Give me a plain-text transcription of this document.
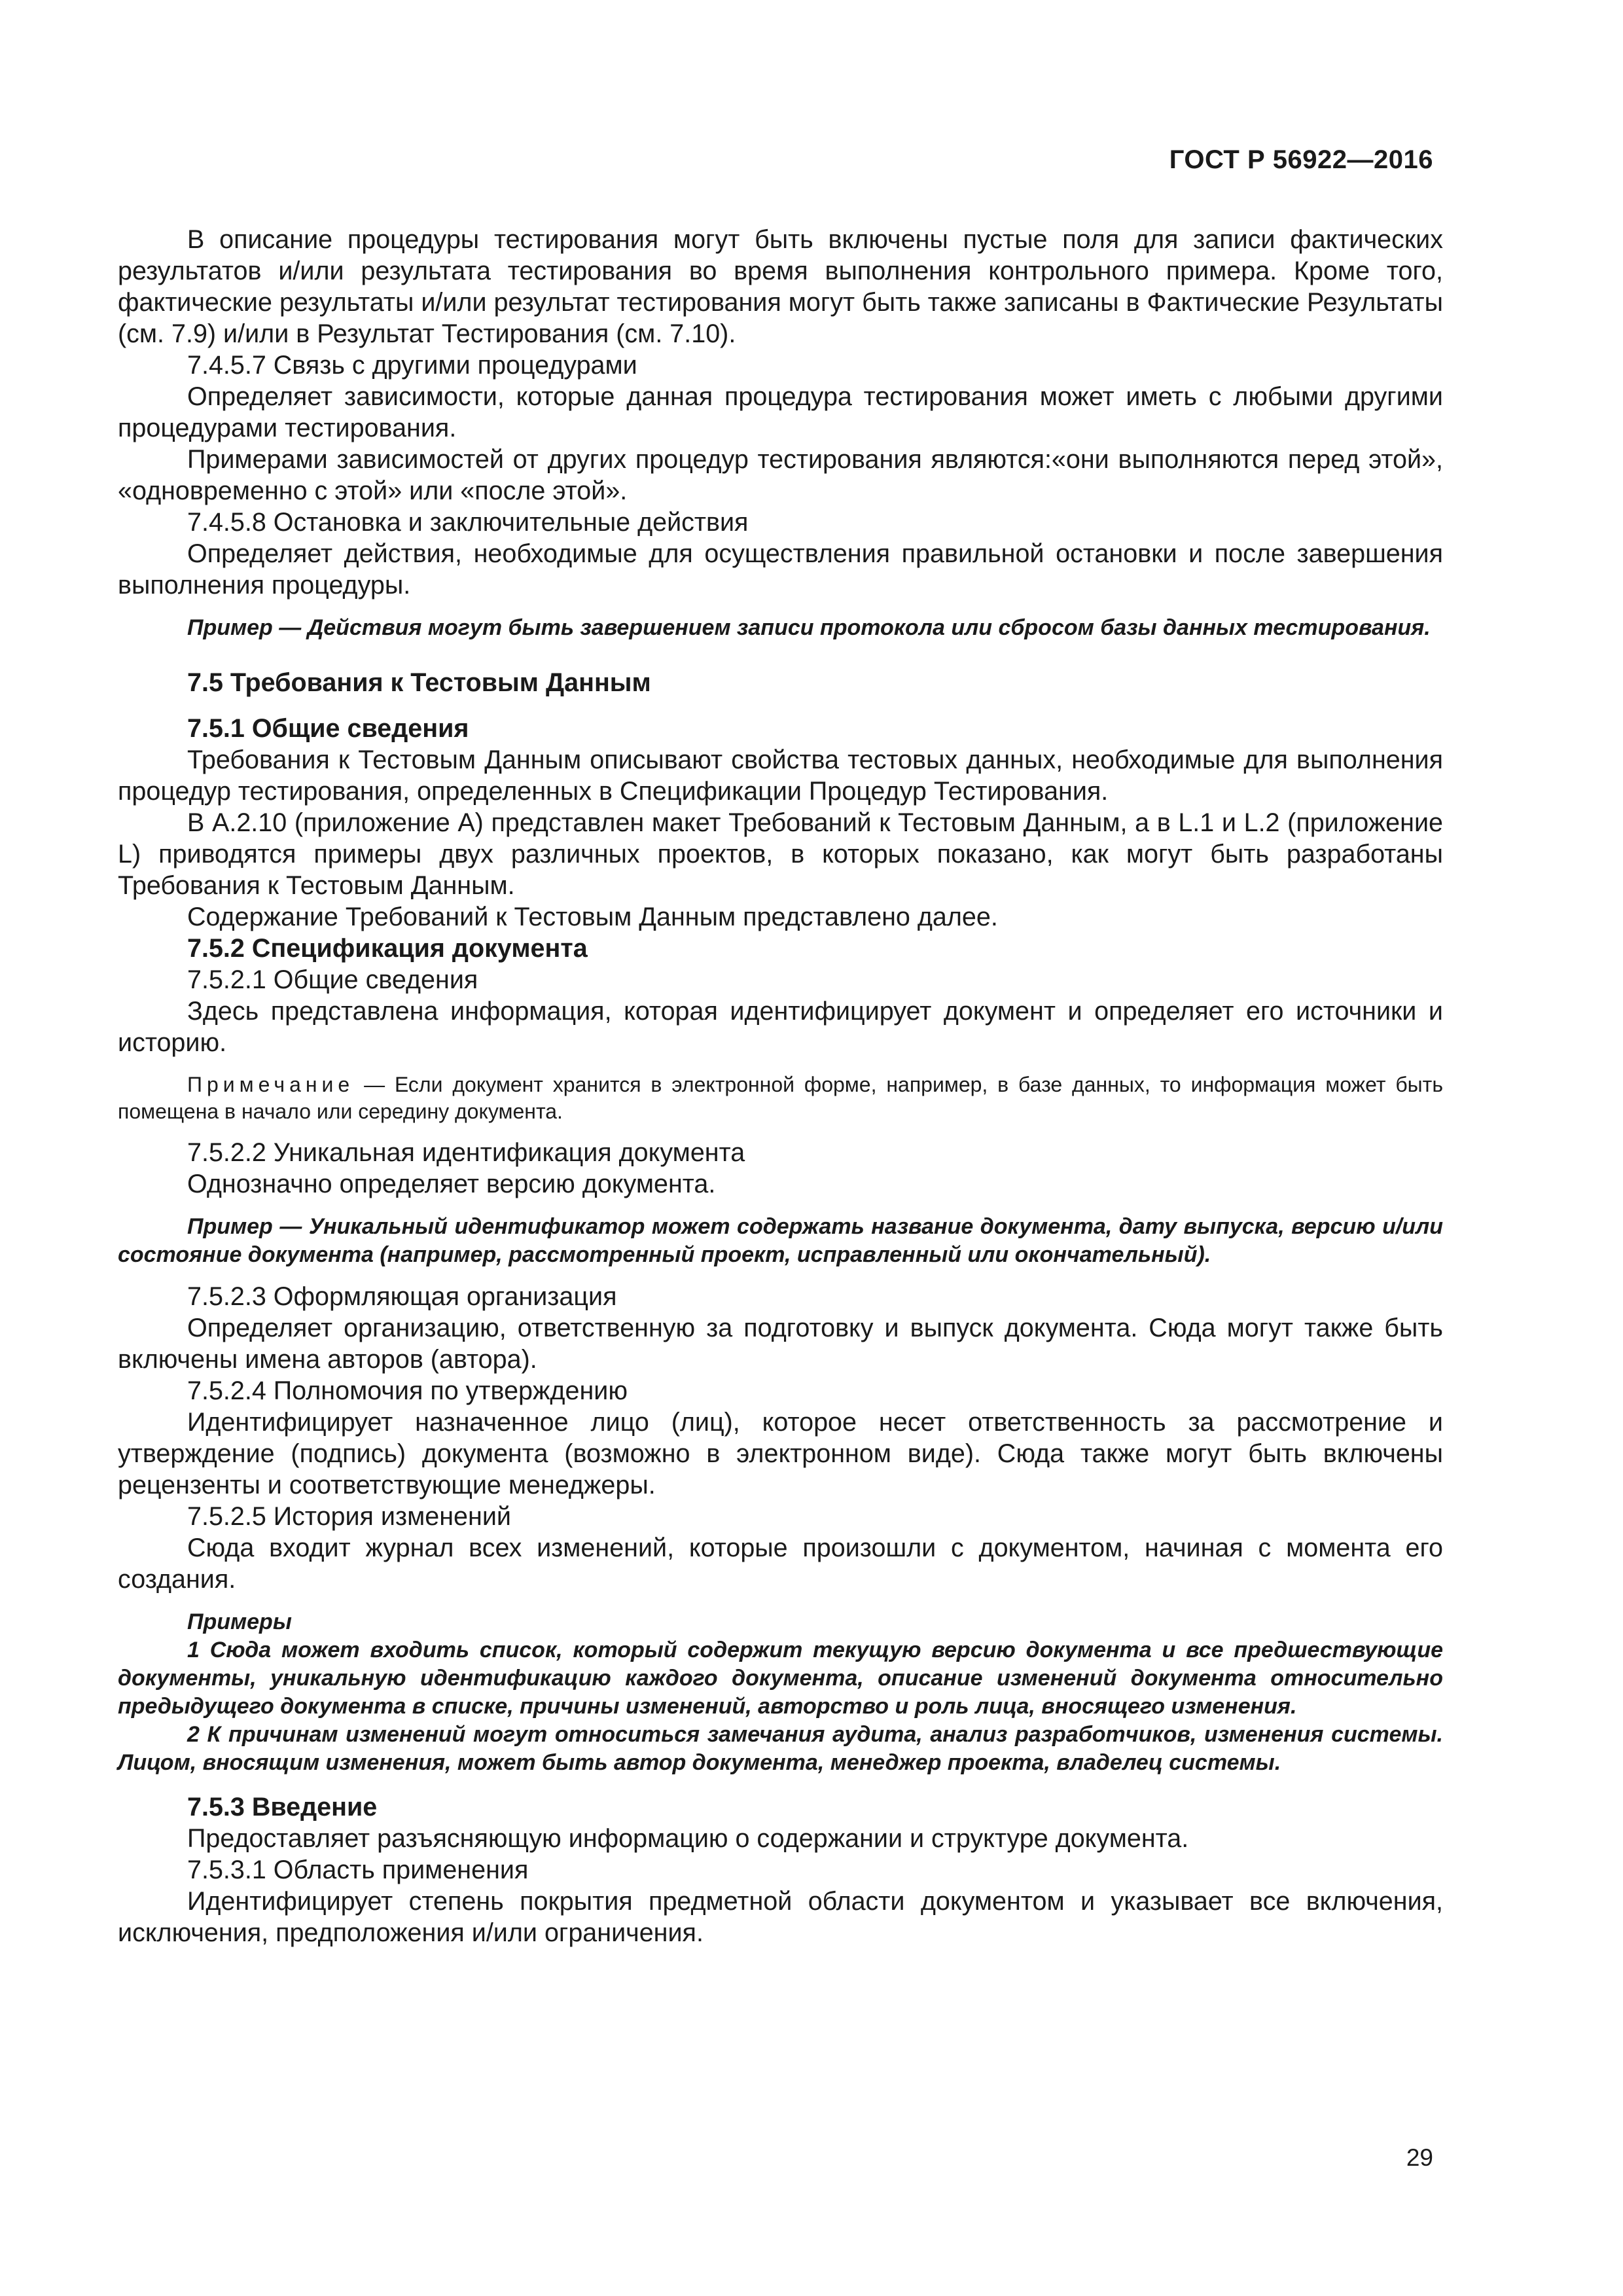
ГОСТ Р 56922—2016

В описание процедуры тестирования могут быть включены пустые поля для записи фактических результатов и/или результата тестирования во время выполнения контрольного примера. Кроме того, фактические результаты и/или результат тестирования могут быть также записаны в Фактические Результаты (см. 7.9) и/или в Результат Тестирования (см. 7.10).

7.4.5.7 Связь с другими процедурами

Определяет зависимости, которые данная процедура тестирования может иметь с любыми другими процедурами тестирования.

Примерами зависимостей от других процедур тестирования являются:«они выполняются перед этой», «одновременно с этой» или «после этой».

7.4.5.8 Остановка и заключительные действия

Определяет действия, необходимые для осуществления правильной остановки и после завершения выполнения процедуры.

Пример — Действия могут быть завершением записи протокола или сбросом базы данных тестирования.

7.5 Требования к Тестовым Данным

7.5.1 Общие сведения

Требования к Тестовым Данным описывают свойства тестовых данных, необходимые для выполнения процедур тестирования, определенных в Спецификации Процедур Тестирования.

В А.2.10 (приложение А) представлен макет Требований к Тестовым Данным, а в L.1 и L.2 (приложение L) приводятся примеры двух различных проектов, в которых показано, как могут быть разработаны Требования к Тестовым Данным.

Содержание Требований к Тестовым Данным представлено далее.

7.5.2 Спецификация документа

7.5.2.1 Общие сведения

Здесь представлена информация, которая идентифицирует документ и определяет его источники и историю.

Примечание — Если документ хранится в электронной форме, например, в базе данных, то информация может быть помещена в начало или середину документа.

7.5.2.2 Уникальная идентификация документа

Однозначно определяет версию документа.

Пример — Уникальный идентификатор может содержать название документа, дату выпуска, версию и/или состояние документа (например, рассмотренный проект, исправленный или окончательный).

7.5.2.3 Оформляющая организация

Определяет организацию, ответственную за подготовку и выпуск документа. Сюда могут также быть включены имена авторов (автора).

7.5.2.4 Полномочия по утверждению

Идентифицирует назначенное лицо (лиц), которое несет ответственность за рассмотрение и утверждение (подпись) документа (возможно в электронном виде). Сюда также могут быть включены рецензенты и соответствующие менеджеры.

7.5.2.5 История изменений

Сюда входит журнал всех изменений, которые произошли с документом, начиная с момента его создания.

Примеры

1 Сюда может входить список, который содержит текущую версию документа и все предшествующие документы, уникальную идентификацию каждого документа, описание изменений документа относительно предыдущего документа в списке, причины изменений, авторство и роль лица, вносящего изменения.

2 К причинам изменений могут относиться замечания аудита, анализ разработчиков, изменения системы. Лицом, вносящим изменения, может быть автор документа, менеджер проекта, владелец системы.

7.5.3 Введение

Предоставляет разъясняющую информацию о содержании и структуре документа.

7.5.3.1 Область применения

Идентифицирует степень покрытия предметной области документом и указывает все включения, исключения, предположения и/или ограничения.

29
